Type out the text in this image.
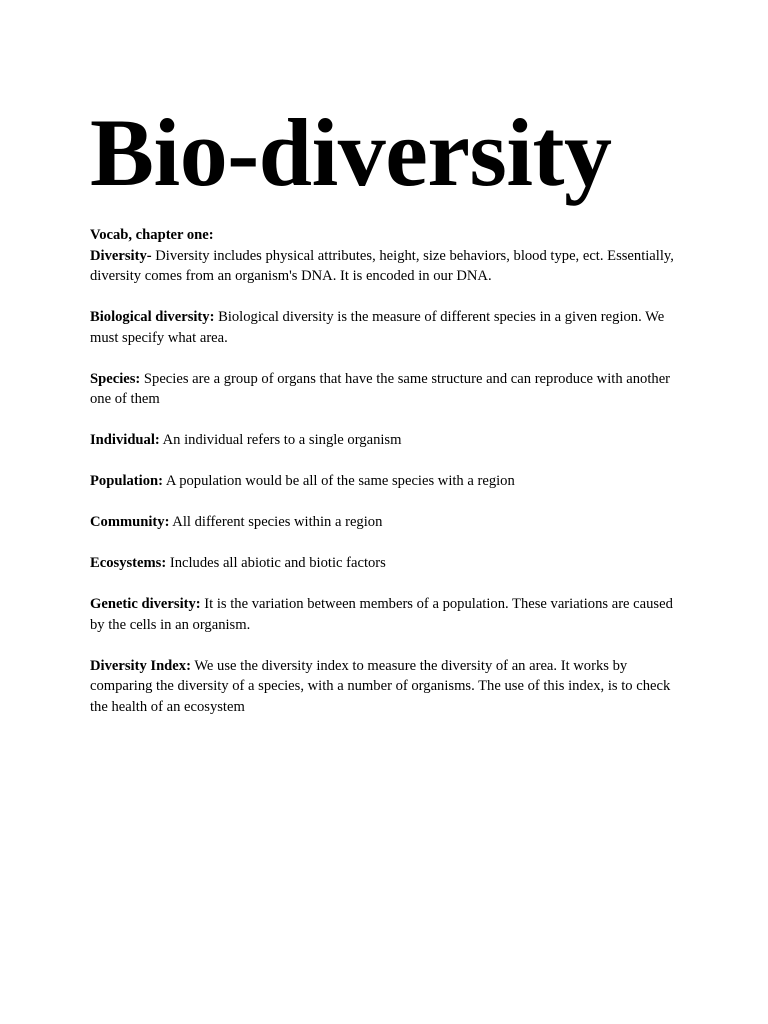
Bio-diversity

Vocab, chapter one:

Diversity- Diversity includes physical attributes, height, size behaviors, blood type, ect. Essentially, diversity comes from an organism's DNA. It is encoded in our DNA.

Biological diversity: Biological diversity is the measure of different species in a given region. We must specify what area.

Species: Species are a group of organs that have the same structure and can reproduce with another one of them

Individual: An individual refers to a single organism

Population: A population would be all of the same species with a region

Community: All different species within a region

Ecosystems: Includes all abiotic and biotic factors

Genetic diversity: It is the variation between members of a population. These variations are caused by the cells in an organism.

Diversity Index: We use the diversity index to measure the diversity of an area. It works by comparing the diversity of a species, with a number of organisms. The use of this index, is to check the health of an ecosystem
